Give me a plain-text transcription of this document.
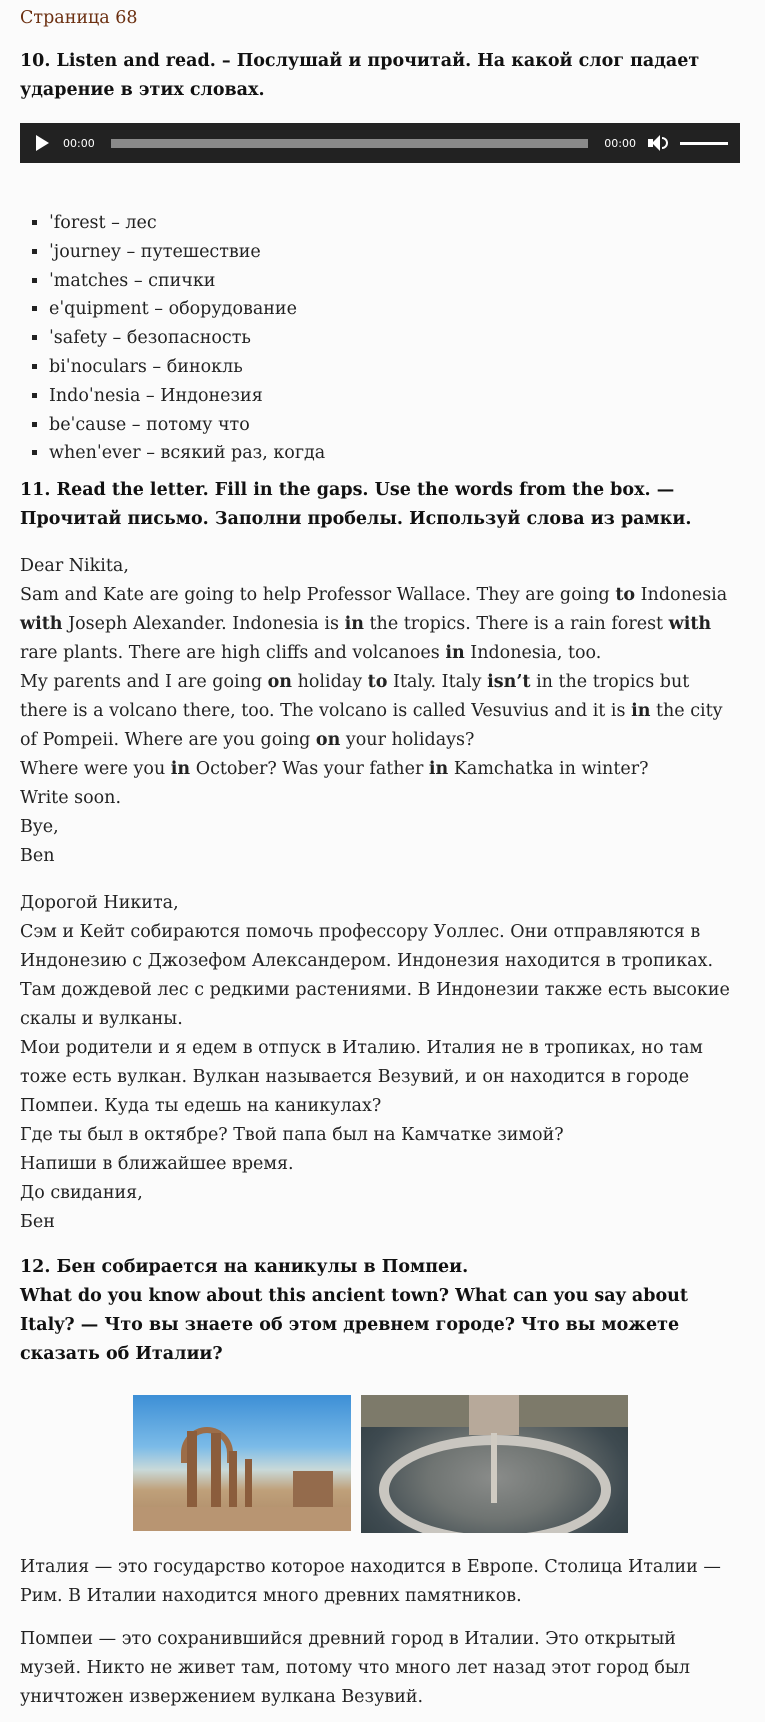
Страница 68

10. Listen and read. – Послушай и прочитай. На какой слог падает ударение в этих словах.
00:00	00:00
▪ ˈforest – лес
▪ ˈjourney – путешествие
▪ ˈmatches – спички
▪ eˈquipment – оборудование
▪ ˈsafety – безопасность
▪ biˈnoculars – бинокль
▪ Indoˈnesia – Индонезия
▪ beˈcause – потому что
▪ whenˈever – всякий раз, когда
11. Read the letter. Fill in the gaps. Use the words from the box. — Прочитай письмо. Заполни пробелы. Используй слова из рамки.

Dear Nikita,

Sam and Kate are going to help Professor Wallace. They are going to Indonesia with Joseph Alexander. Indonesia is in the tropics. There is a rain forest with rare plants. There are high cliffs and volcanoes in Indonesia, too.

My parents and I are going on holiday to Italy. Italy isn’t in the tropics but there is a volcano there, too. The volcano is called Vesuvius and it is in the city of Pompeii. Where are you going on your holidays?

Where were you in October? Was your father in Kamchatka in winter?

Write soon.

Bye,

Ben

Дорогой Никита,

Сэм и Кейт собираются помочь профессору Уоллес. Они отправляются в Индонезию с Джозефом Александером. Индонезия находится в тропиках. Там дождевой лес с редкими растениями. В Индонезии также есть высокие скалы и вулканы.

Мои родители и я едем в отпуск в Италию. Италия не в тропиках, но там тоже есть вулкан. Вулкан называется Везувий, и он находится в городе Помпеи. Куда ты едешь на каникулах?

Где ты был в октябре? Твой папа был на Камчатке зимой?

Напиши в ближайшее время.

До свидания,

Бен

12. Бен собирается на каникулы в Помпеи.
What do you know about this ancient town? What can you say about Italy? — Что вы знаете об этом древнем городе? Что вы можете сказать об Италии?

Италия — это государство которое находится в Европе. Столица Италии — Рим. В Италии находится много древних памятников.

Помпеи — это сохранившийся древний город в Италии. Это открытый музей. Никто не живет там, потому что много лет назад этот город был уничтожен извержением вулкана Везувий.
